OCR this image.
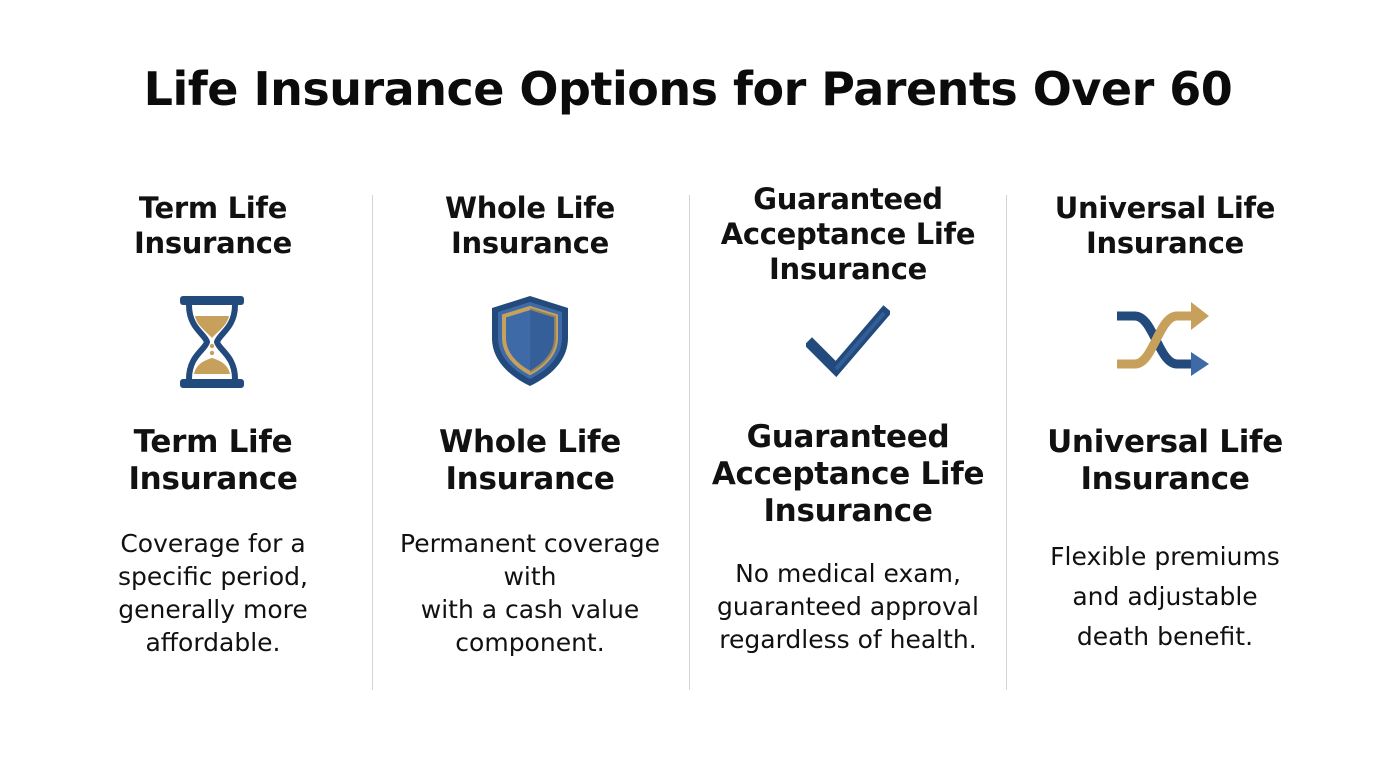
Life Insurance Options for Parents Over 60
Term Life
Insurance
Term Life
Insurance
Coverage for a
specific period,
generally more
affordable.
Whole Life
Insurance
Whole Life
Insurance
Permanent coverage
with
with a cash value
component.
Guaranteed
Acceptance Life
Insurance
Guaranteed
Acceptance Life
Insurance
No medical exam,
guaranteed approval
regardless of health.
Universal Life
Insurance
Universal Life
Insurance
Flexible premiums
and adjustable
death benefit.
